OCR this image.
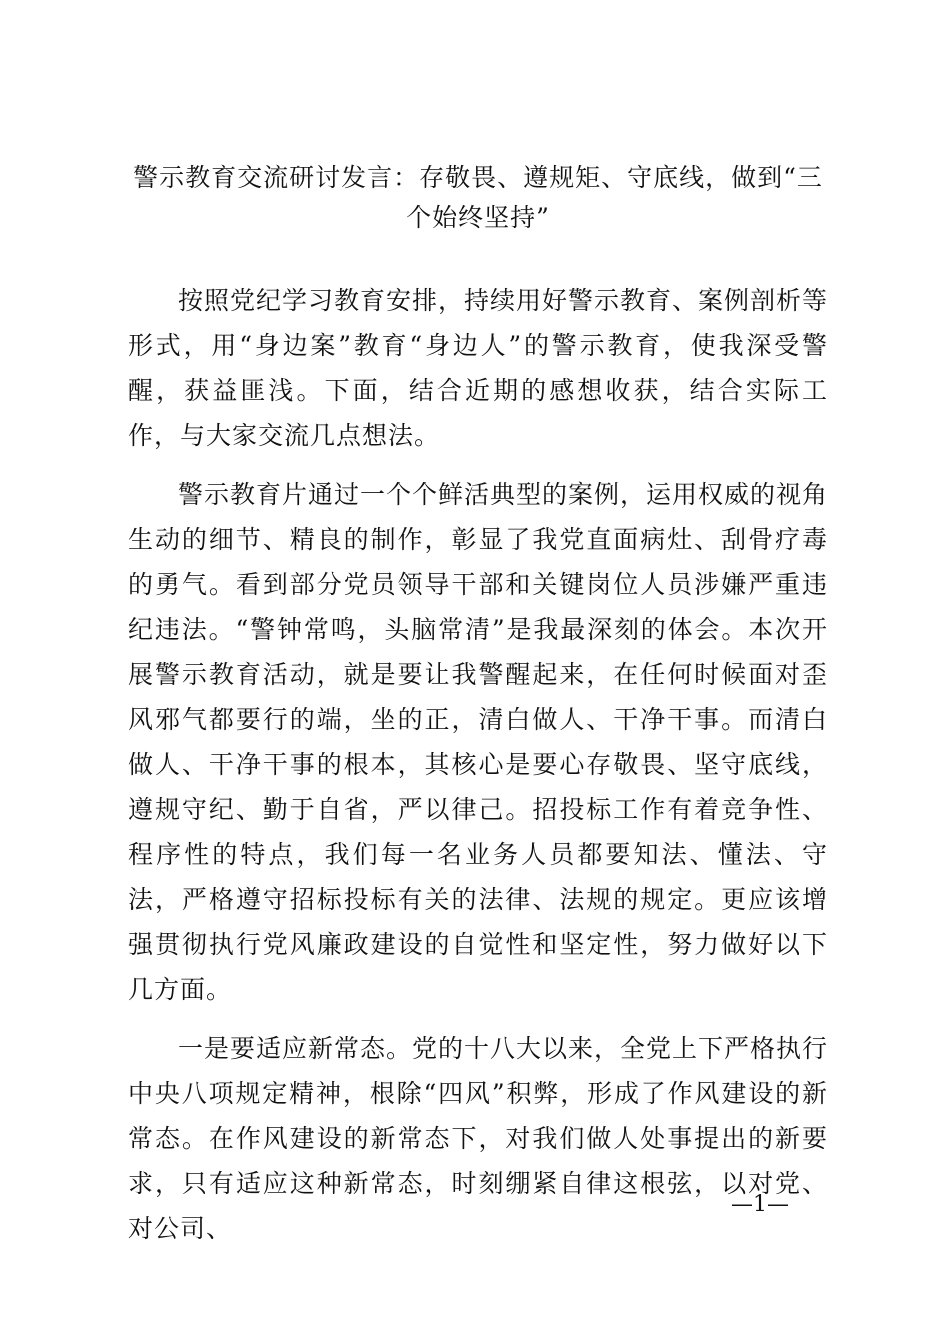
警示教育交流研讨发言：存敬畏、遵规矩、守底线，做到“三个始终坚持”

按照党纪学习教育安排，持续用好警示教育、案例剖析等形式，用“身边案”教育“身边人”的警示教育，使我深受警醒，获益匪浅。下面，结合近期的感想收获，结合实际工作，与大家交流几点想法。

警示教育片通过一个个鲜活典型的案例，运用权威的视角生动的细节、精良的制作，彰显了我党直面病灶、刮骨疗毒的勇气。看到部分党员领导干部和关键岗位人员涉嫌严重违纪违法。“警钟常鸣，头脑常清”是我最深刻的体会。本次开展警示教育活动，就是要让我警醒起来，在任何时候面对歪风邪气都要行的端，坐的正，清白做人、干净干事。而清白做人、干净干事的根本，其核心是要心存敬畏、坚守底线，遵规守纪、勤于自省，严以律己。招投标工作有着竞争性、程序性的特点，我们每一名业务人员都要知法、懂法、守法，严格遵守招标投标有关的法律、法规的规定。更应该增强贯彻执行党风廉政建设的自觉性和坚定性，努力做好以下几方面。

一是要适应新常态。党的十八大以来，全党上下严格执行中央八项规定精神，根除“四风”积弊，形成了作风建设的新常态。在作风建设的新常态下，对我们做人处事提出的新要求，只有适应这种新常态，时刻绷紧自律这根弦，以对党、对公司、

—1—
